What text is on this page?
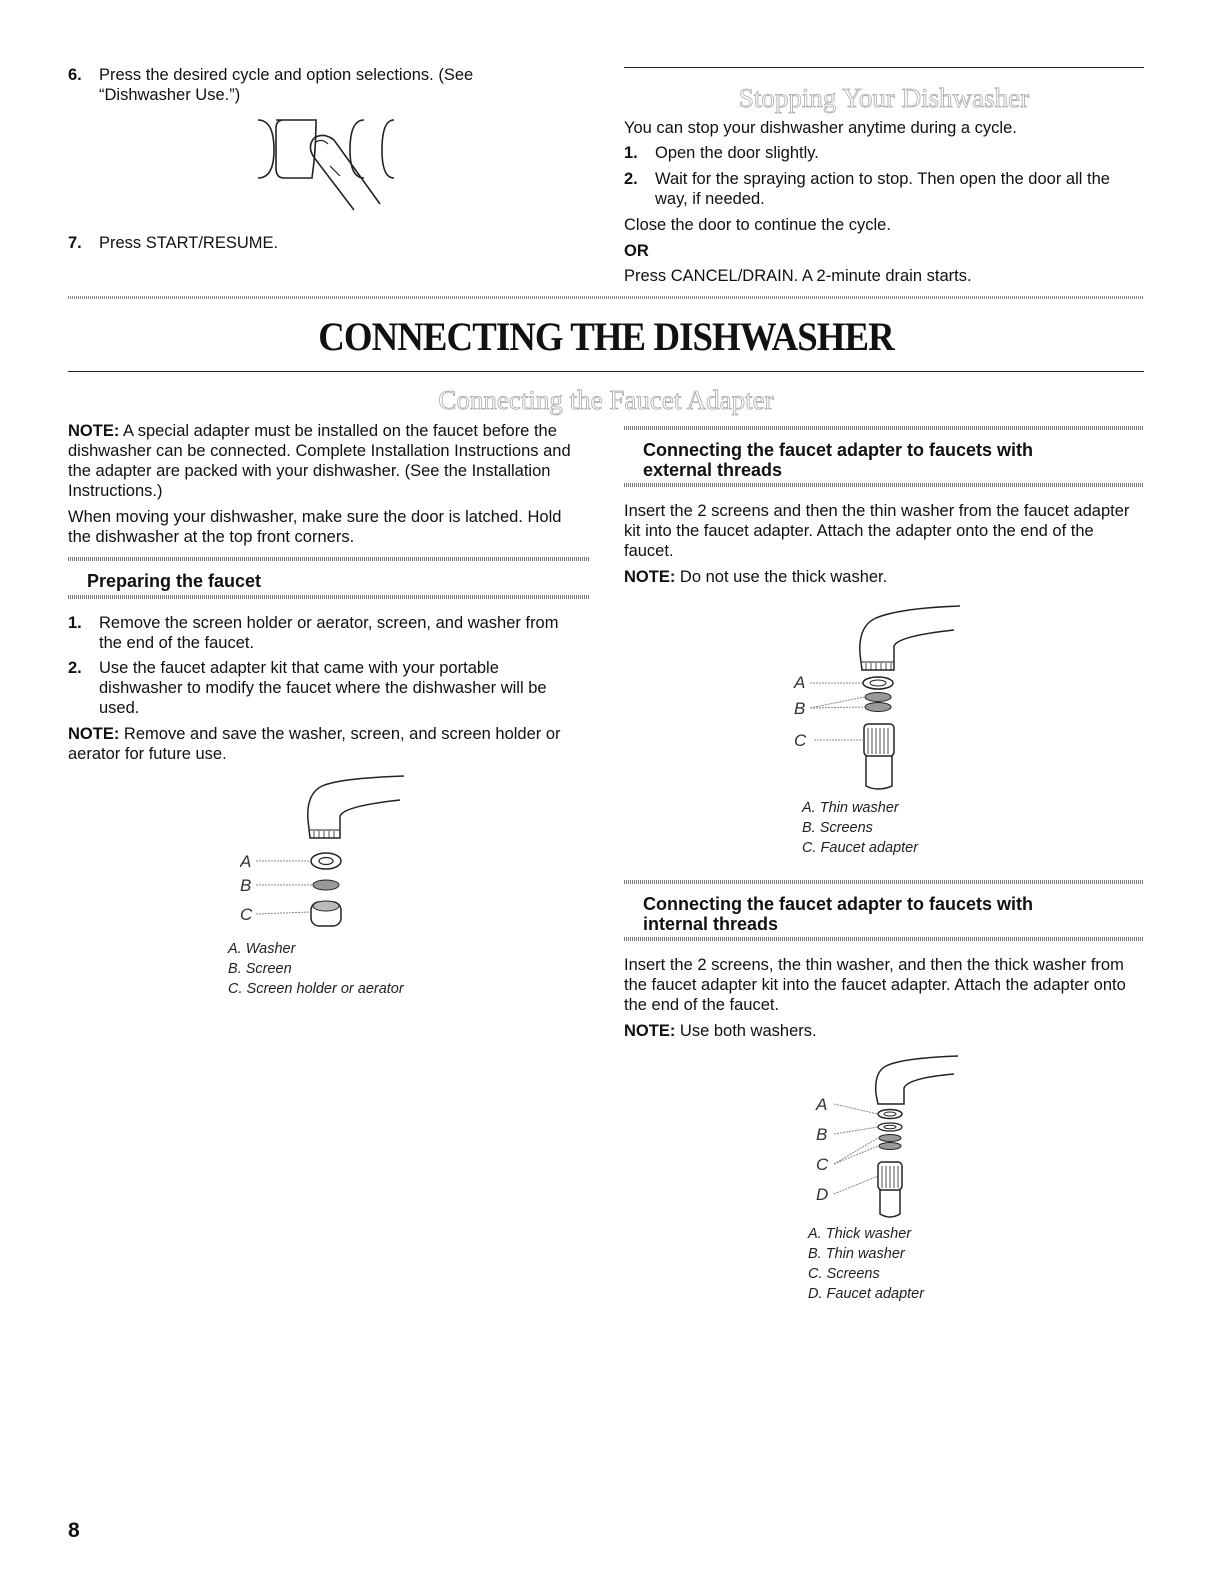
6.	Press the desired cycle and option selections. (See “Dishwasher Use.”)
7.	Press START/RESUME.
Stopping Your Dishwasher

You can stop your dishwasher anytime during a cycle.

1.	Open the door slightly.
2.	Wait for the spraying action to stop. Then open the door all the way, if needed.

Close the door to continue the cycle.

OR

Press CANCEL/DRAIN. A 2-minute drain starts.

CONNECTING THE DISHWASHER
Connecting the Faucet Adapter

NOTE: A special adapter must be installed on the faucet before the dishwasher can be connected. Complete Installation Instructions and the adapter are packed with your dishwasher. (See the Installation Instructions.)

When moving your dishwasher, make sure the door is latched. Hold the dishwasher at the top front corners.

Preparing the faucet
1.	Remove the screen holder or aerator, screen, and washer from the end of the faucet.
2.	Use the faucet adapter kit that came with your portable dishwasher to modify the faucet where the dishwasher will be used.

NOTE: Remove and save the washer, screen, and screen holder or aerator for future use.

A
B
C
A. Washer
B. Screen
C. Screen holder or aerator
Connecting the faucet adapter to faucets with external threads

Insert the 2 screens and then the thin washer from the faucet adapter kit into the faucet adapter. Attach the adapter onto the end of the faucet.

NOTE: Do not use the thick washer.

A
B
C
A. Thin washer
B. Screens
C. Faucet adapter
Connecting the faucet adapter to faucets with internal threads

Insert the 2 screens, the thin washer, and then the thick washer from the faucet adapter kit into the faucet adapter. Attach the adapter onto the end of the faucet.

NOTE: Use both washers.

A
B
C
D
A. Thick washer
B. Thin washer
C. Screens
D. Faucet adapter
8
